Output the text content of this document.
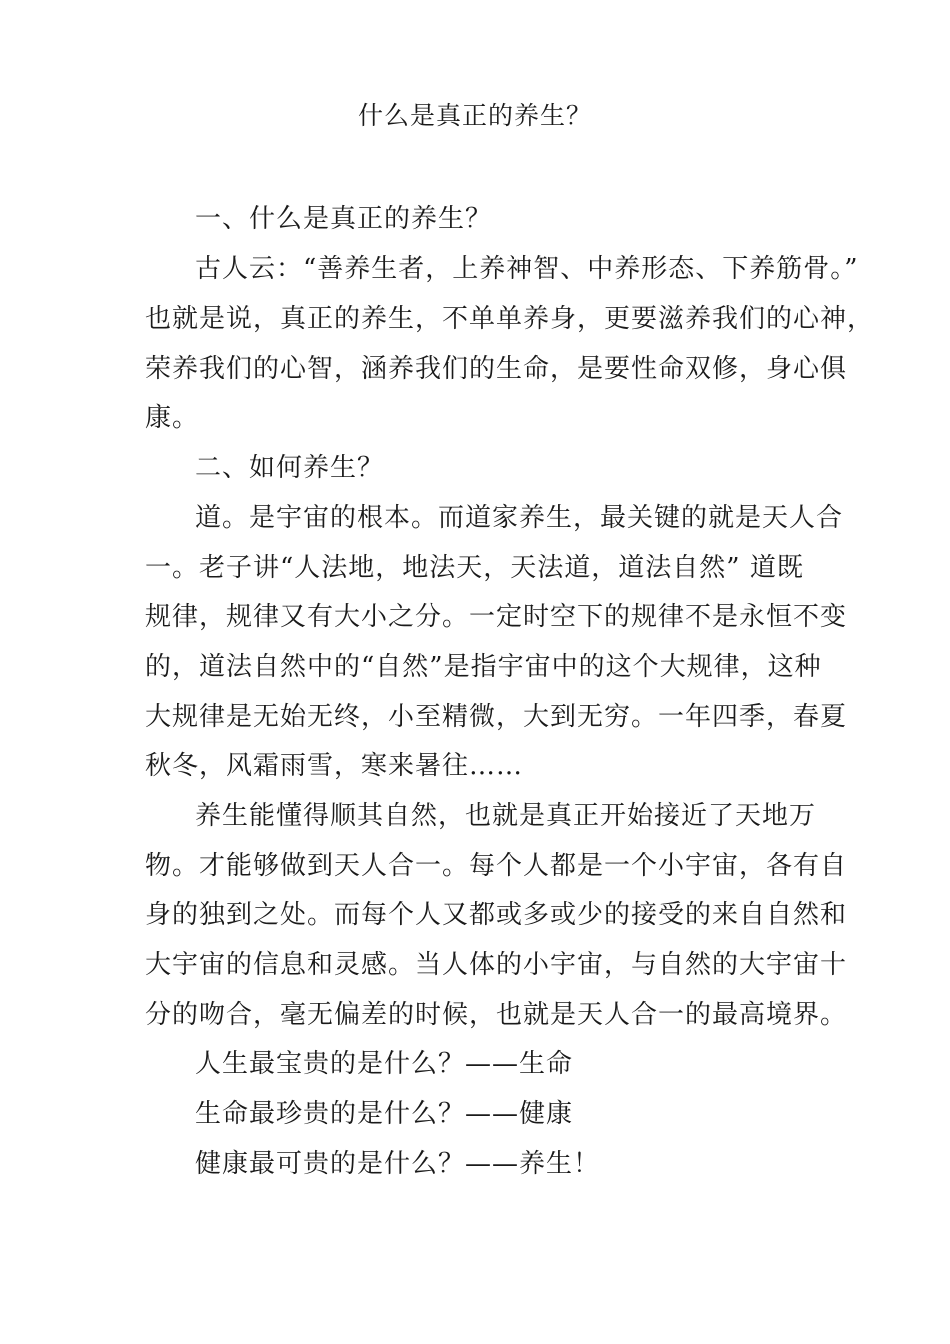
什么是真正的养生？
一、什么是真正的养生？
古人云：“善养生者，上养神智、中养形态、下养筋骨。”
也就是说，真正的养生，不单单养身，更要滋养我们的心神，
荣养我们的心智，涵养我们的生命，是要性命双修，身心俱
康。
二、如何养生？
道。是宇宙的根本。而道家养生，最关键的就是天人合
一。老子讲“人法地，地法天，天法道，道法自然” 道既
规律，规律又有大小之分。一定时空下的规律不是永恒不变
的，道法自然中的“自然”是指宇宙中的这个大规律，这种
大规律是无始无终，小至精微，大到无穷。一年四季，春夏
秋冬，风霜雨雪，寒来暑往……
养生能懂得顺其自然，也就是真正开始接近了天地万
物。才能够做到天人合一。每个人都是一个小宇宙，各有自
身的独到之处。而每个人又都或多或少的接受的来自自然和
大宇宙的信息和灵感。当人体的小宇宙，与自然的大宇宙十
分的吻合，毫无偏差的时候，也就是天人合一的最高境界。
人生最宝贵的是什么？——生命
生命最珍贵的是什么？——健康
健康最可贵的是什么？——养生！
